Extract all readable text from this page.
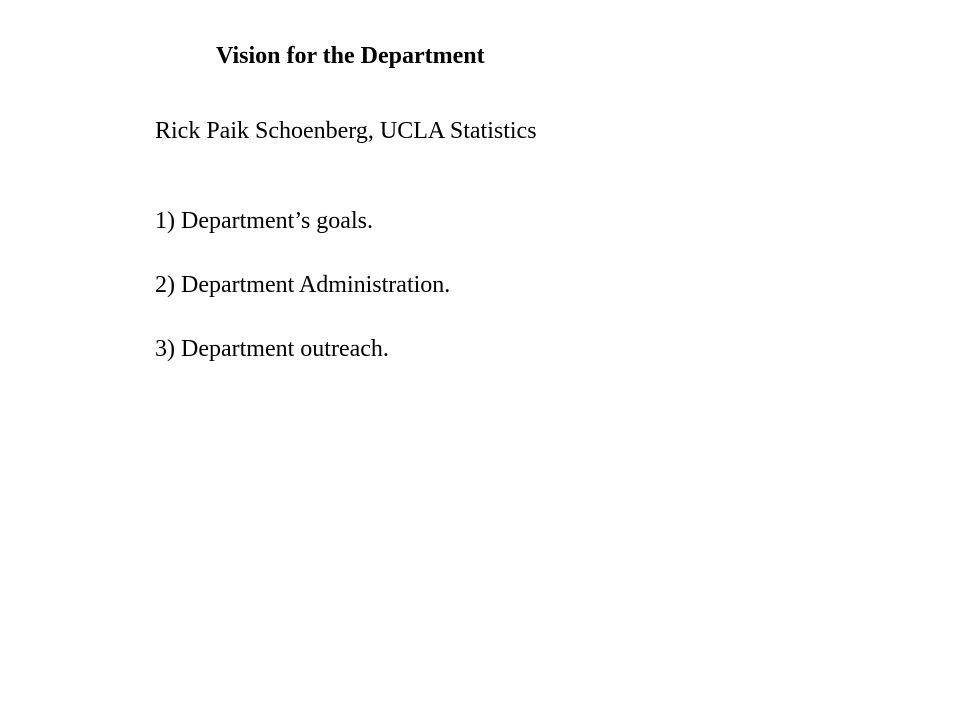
Vision for the Department
Rick Paik Schoenberg, UCLA Statistics
1) Department’s goals.
2) Department Administration.
3) Department outreach.
